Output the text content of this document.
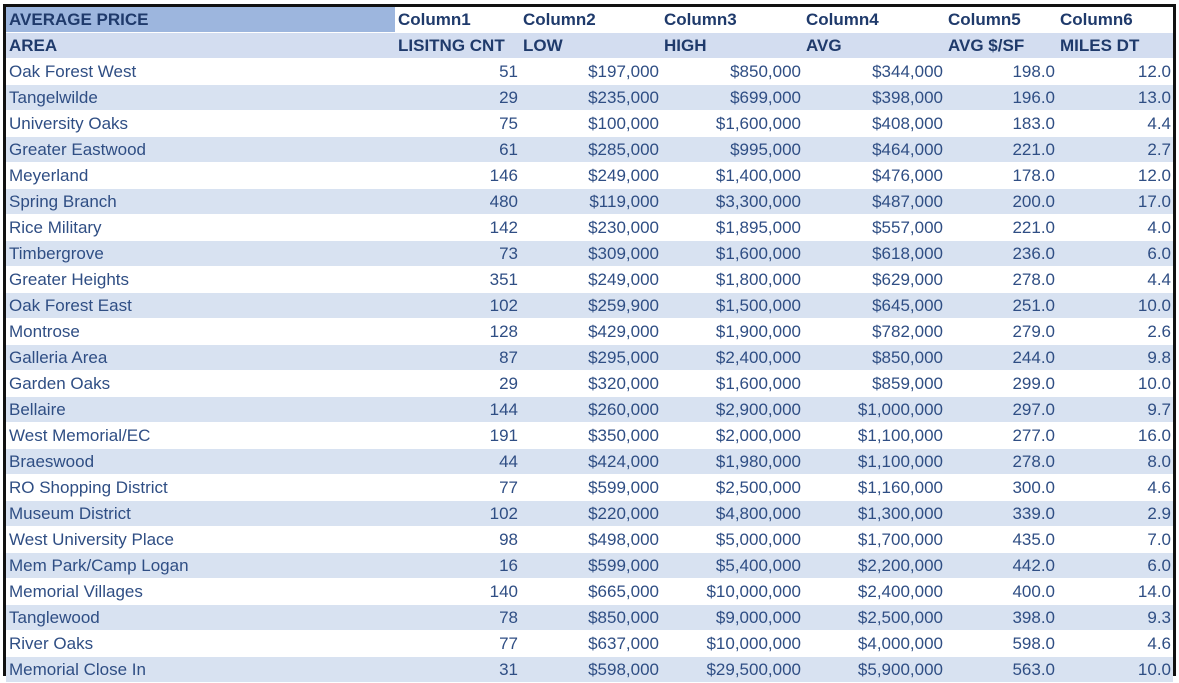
AVERAGE PRICE	Column1	Column2	Column3	Column4	Column5	Column6
AREA	LISITNG CNT	LOW	HIGH	AVG	AVG $/SF	MILES DT
Oak Forest West	51	$197,000	$850,000	$344,000	198.0	12.0
Tangelwilde	29	$235,000	$699,000	$398,000	196.0	13.0
University Oaks	75	$100,000	$1,600,000	$408,000	183.0	4.4
Greater Eastwood	61	$285,000	$995,000	$464,000	221.0	2.7
Meyerland	146	$249,000	$1,400,000	$476,000	178.0	12.0
Spring Branch	480	$119,000	$3,300,000	$487,000	200.0	17.0
Rice Military	142	$230,000	$1,895,000	$557,000	221.0	4.0
Timbergrove	73	$309,000	$1,600,000	$618,000	236.0	6.0
Greater Heights	351	$249,000	$1,800,000	$629,000	278.0	4.4
Oak Forest East	102	$259,900	$1,500,000	$645,000	251.0	10.0
Montrose	128	$429,000	$1,900,000	$782,000	279.0	2.6
Galleria Area	87	$295,000	$2,400,000	$850,000	244.0	9.8
Garden Oaks	29	$320,000	$1,600,000	$859,000	299.0	10.0
Bellaire	144	$260,000	$2,900,000	$1,000,000	297.0	9.7
West Memorial/EC	191	$350,000	$2,000,000	$1,100,000	277.0	16.0
Braeswood	44	$424,000	$1,980,000	$1,100,000	278.0	8.0
RO Shopping District	77	$599,000	$2,500,000	$1,160,000	300.0	4.6
Museum District	102	$220,000	$4,800,000	$1,300,000	339.0	2.9
West University Place	98	$498,000	$5,000,000	$1,700,000	435.0	7.0
Mem Park/Camp Logan	16	$599,000	$5,400,000	$2,200,000	442.0	6.0
Memorial Villages	140	$665,000	$10,000,000	$2,400,000	400.0	14.0
Tanglewood	78	$850,000	$9,000,000	$2,500,000	398.0	9.3
River Oaks	77	$637,000	$10,000,000	$4,000,000	598.0	4.6
Memorial Close In	31	$598,000	$29,500,000	$5,900,000	563.0	10.0
